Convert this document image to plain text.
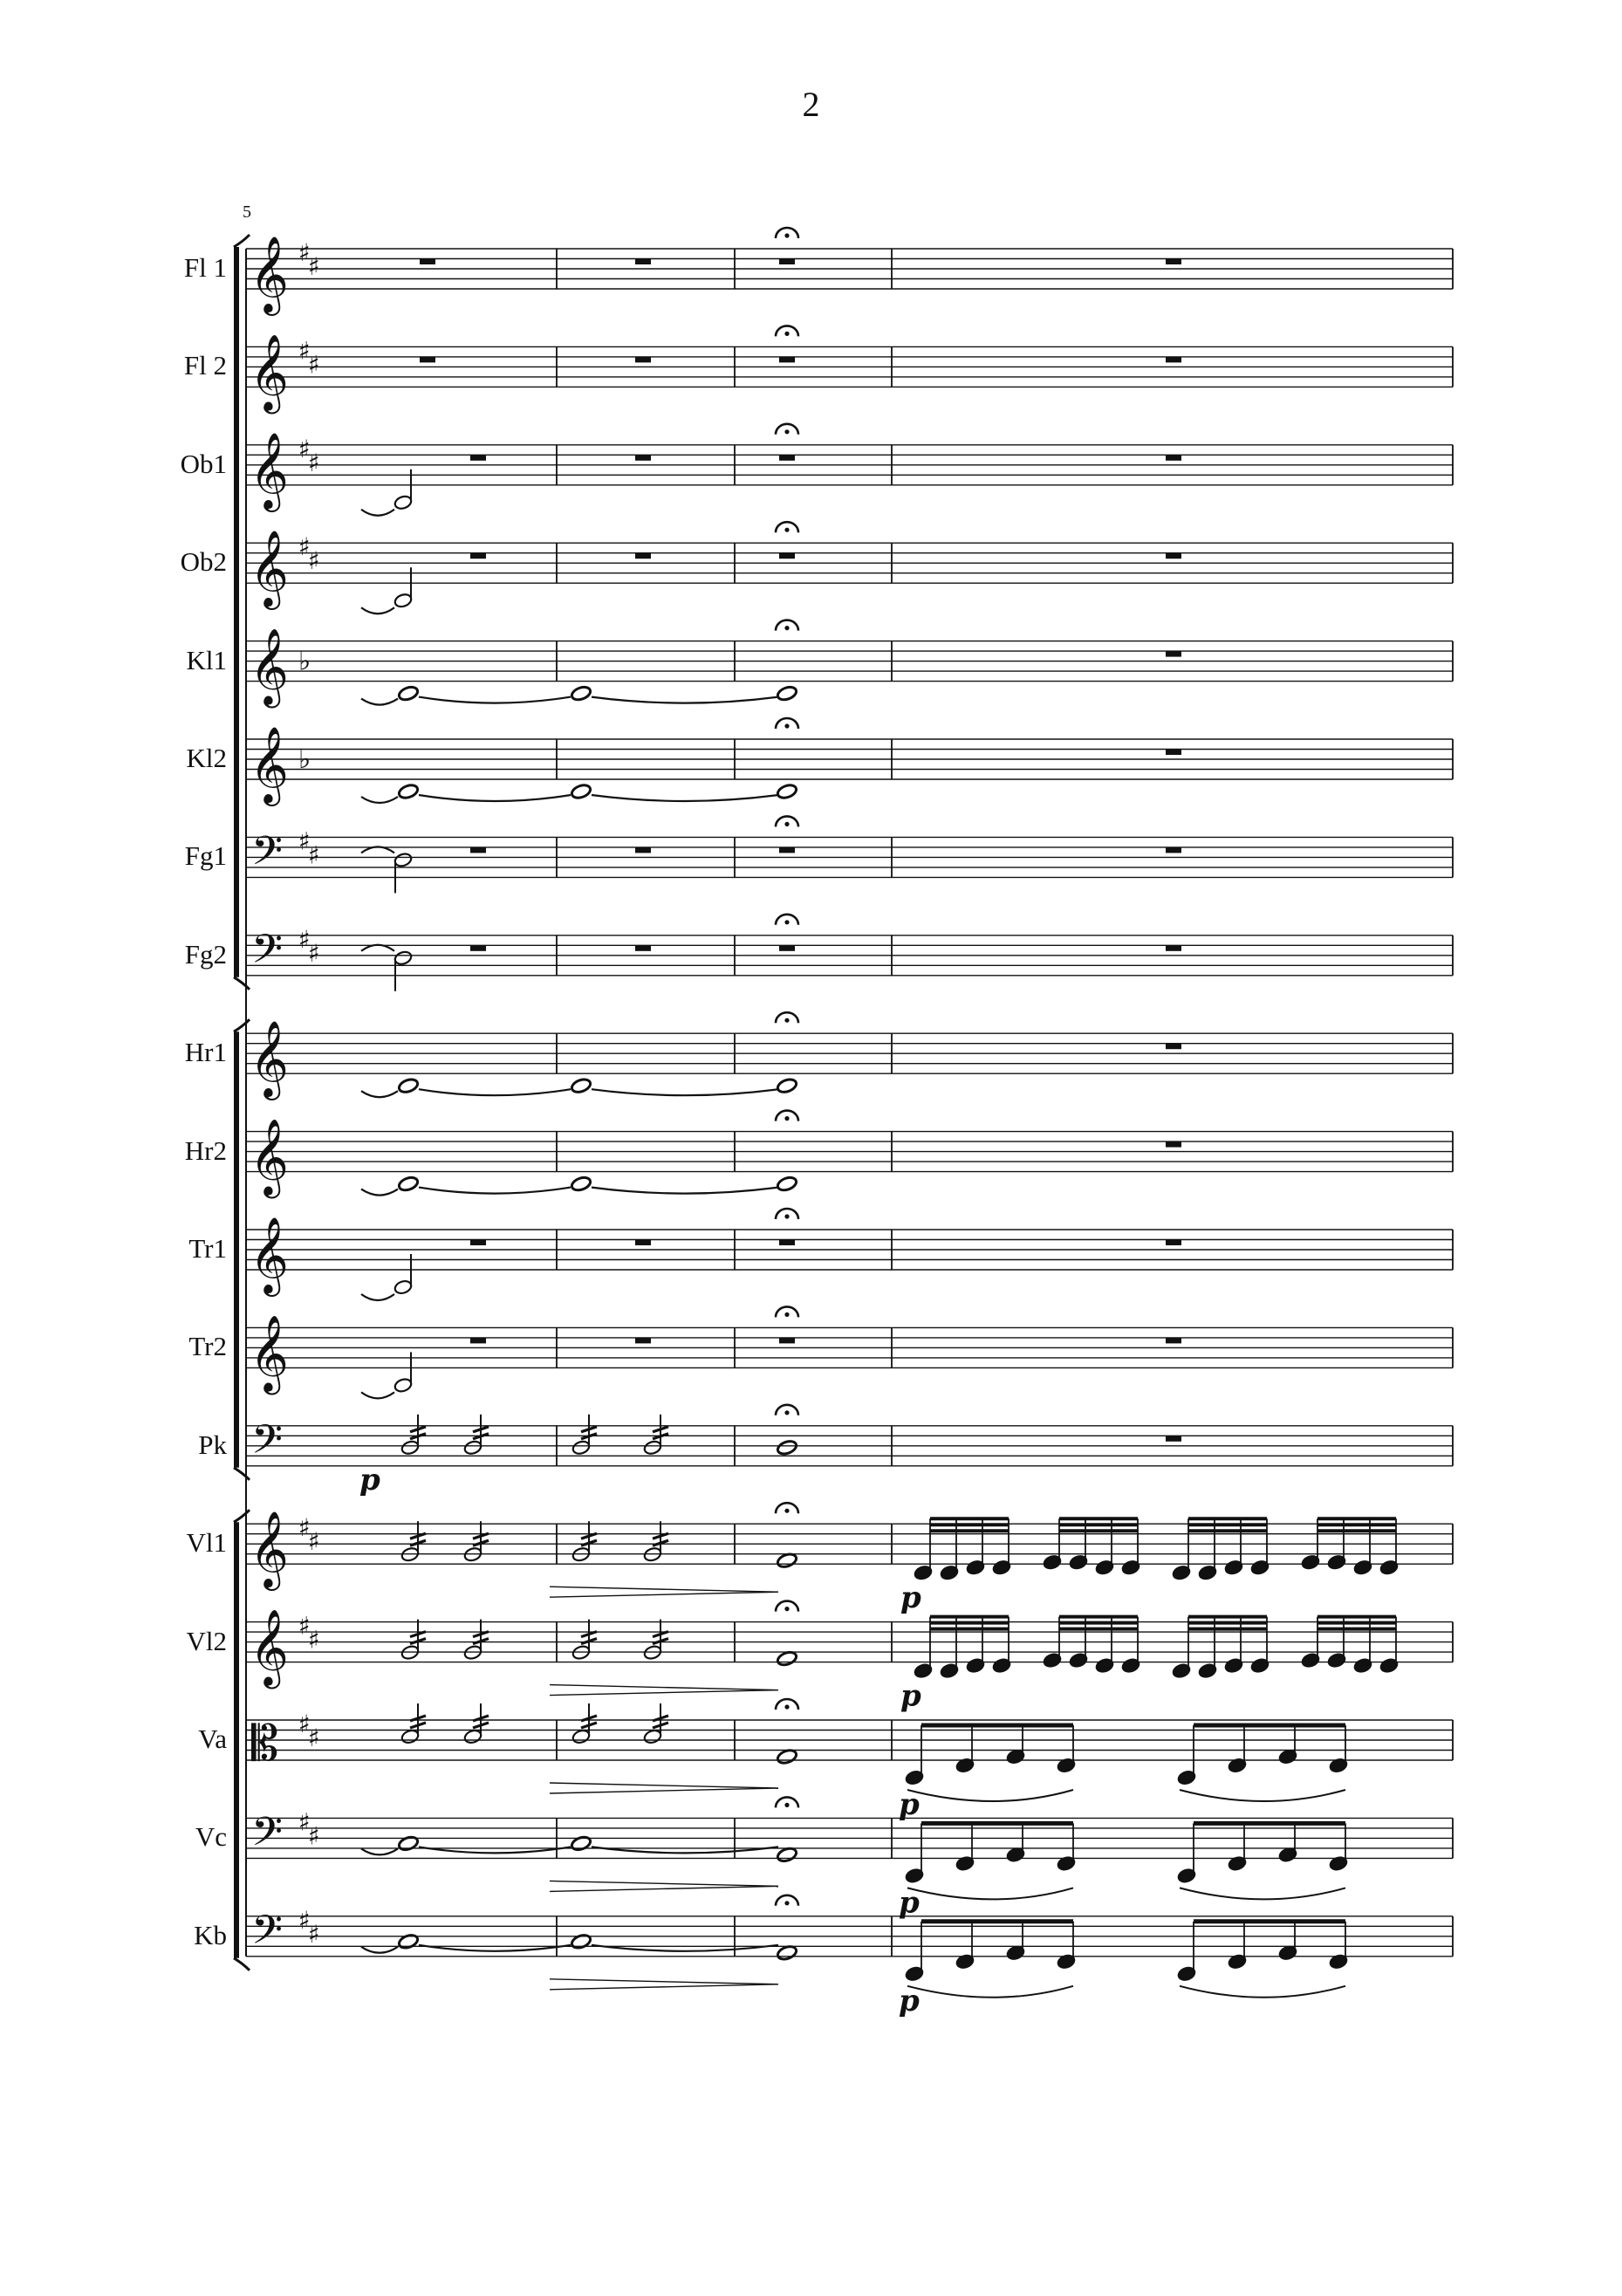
2
5
Fl 1
Fl 2
Ob1
Ob2
Kl1
Kl2
Fg1
Fg2
Hr1
Hr2
Tr1
Tr2
Pk
Vl1
Vl2
Va
Vc
Kb
𝄞 ♯
♯
𝄞 ♯
♯
𝄞 ♯
♯
𝄞 ♯
♯
𝄞 ♭
𝄞 ♭
𝄢 ♯
♯
𝄢 ♯
♯
𝄞
𝄞
𝄞
𝄞
𝄢
p
𝄞 ♯
♯
p
𝄞 ♯
♯
p
𝄡 ♯
♯
p
𝄢 ♯
♯
p
𝄢 ♯
♯
p
